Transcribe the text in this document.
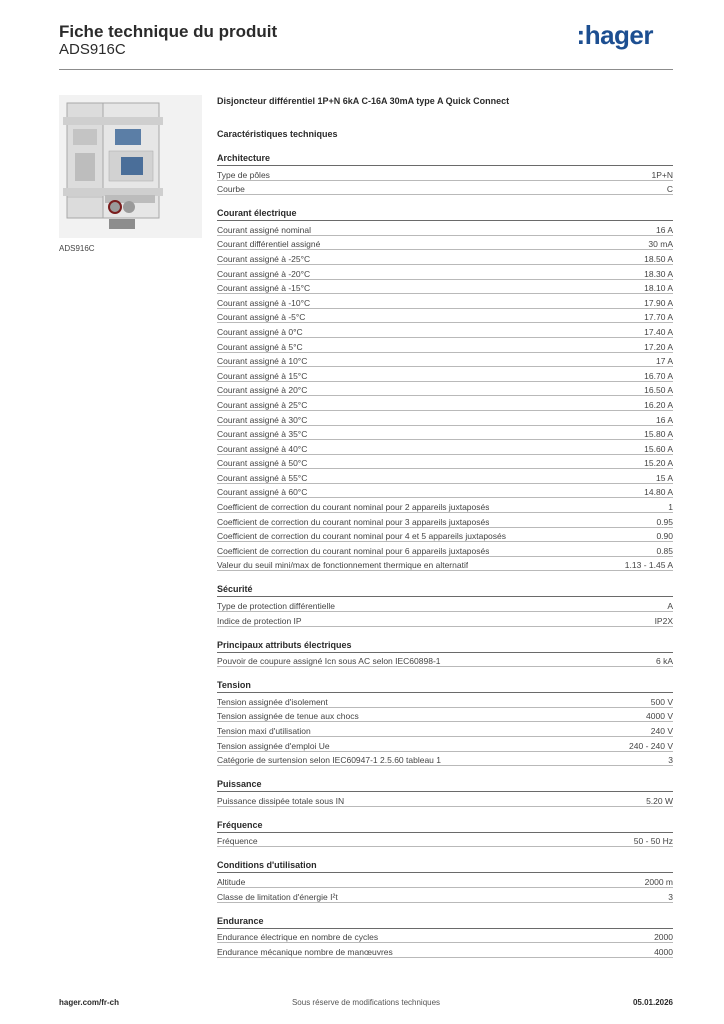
Fiche technique du produit
ADS916C	:hager
ADS916C
Disjoncteur différentiel 1P+N 6kA C-16A 30mA type A Quick Connect
Caractéristiques techniques
Architecture
Type de pôles	1P+N
Courbe	C
Courant électrique
Courant assigné nominal	16 A
Courant différentiel assigné	30 mA
Courant assigné à -25°C	18.50 A
Courant assigné à -20°C	18.30 A
Courant assigné à -15°C	18.10 A
Courant assigné à -10°C	17.90 A
Courant assigné à -5°C	17.70 A
Courant assigné à 0°C	17.40 A
Courant assigné à 5°C	17.20 A
Courant assigné à 10°C	17 A
Courant assigné à 15°C	16.70 A
Courant assigné à 20°C	16.50 A
Courant assigné à 25°C	16.20 A
Courant assigné à 30°C	16 A
Courant assigné à 35°C	15.80 A
Courant assigné à 40°C	15.60 A
Courant assigné à 50°C	15.20 A
Courant assigné à 55°C	15 A
Courant assigné à 60°C	14.80 A
Coefficient de correction du courant nominal pour 2 appareils juxtaposés	1
Coefficient de correction du courant nominal pour 3 appareils juxtaposés	0.95
Coefficient de correction du courant nominal pour 4 et 5 appareils juxtaposés	0.90
Coefficient de correction du courant nominal pour 6 appareils juxtaposés	0.85
Valeur du seuil mini/max de fonctionnement thermique en alternatif	1.13 - 1.45 A
Sécurité
Type de protection différentielle	A
Indice de protection IP	IP2X
Principaux attributs électriques
Pouvoir de coupure assigné Icn sous AC selon IEC60898-1	6 kA
Tension
Tension assignée d'isolement	500 V
Tension assignée de tenue aux chocs	4000 V
Tension maxi d'utilisation	240 V
Tension assignée d'emploi Ue	240 - 240 V
Catégorie de surtension selon IEC60947-1 2.5.60 tableau 1	3
Puissance
Puissance dissipée totale sous IN	5.20 W
Fréquence
Fréquence	50 - 50 Hz
Conditions d'utilisation
Altitude	2000 m
Classe de limitation d'énergie I²t	3
Endurance
Endurance électrique en nombre de cycles	2000
Endurance mécanique nombre de manœuvres	4000
hager.com/fr-ch	Sous réserve de modifications techniques	05.01.2026
